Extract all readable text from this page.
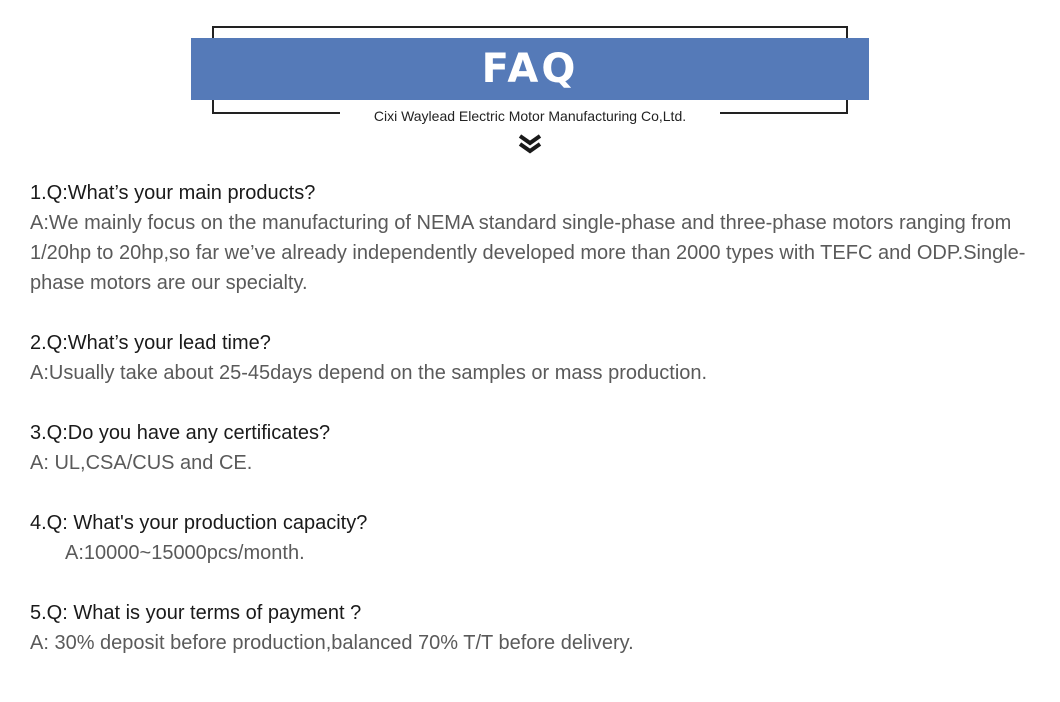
FAQ
Cixi Waylead Electric Motor Manufacturing Co,Ltd.
1.Q:What’s your main products?
A:We mainly focus on the manufacturing of NEMA standard single-phase and three-phase motors ranging from 1/20hp to 20hp,so far we’ve already independently developed more than 2000 types with TEFC and ODP.Single-phase motors are our specialty.
2.Q:What’s your lead time?
A:Usually take about 25-45days depend on the samples or mass production.
3.Q:Do you have any certificates?
A: UL,CSA/CUS and CE.
4.Q: What's your production capacity?
A:10000~15000pcs/month.
5.Q: What is your terms of payment ?
A: 30% deposit before production,balanced 70% T/T before delivery.
